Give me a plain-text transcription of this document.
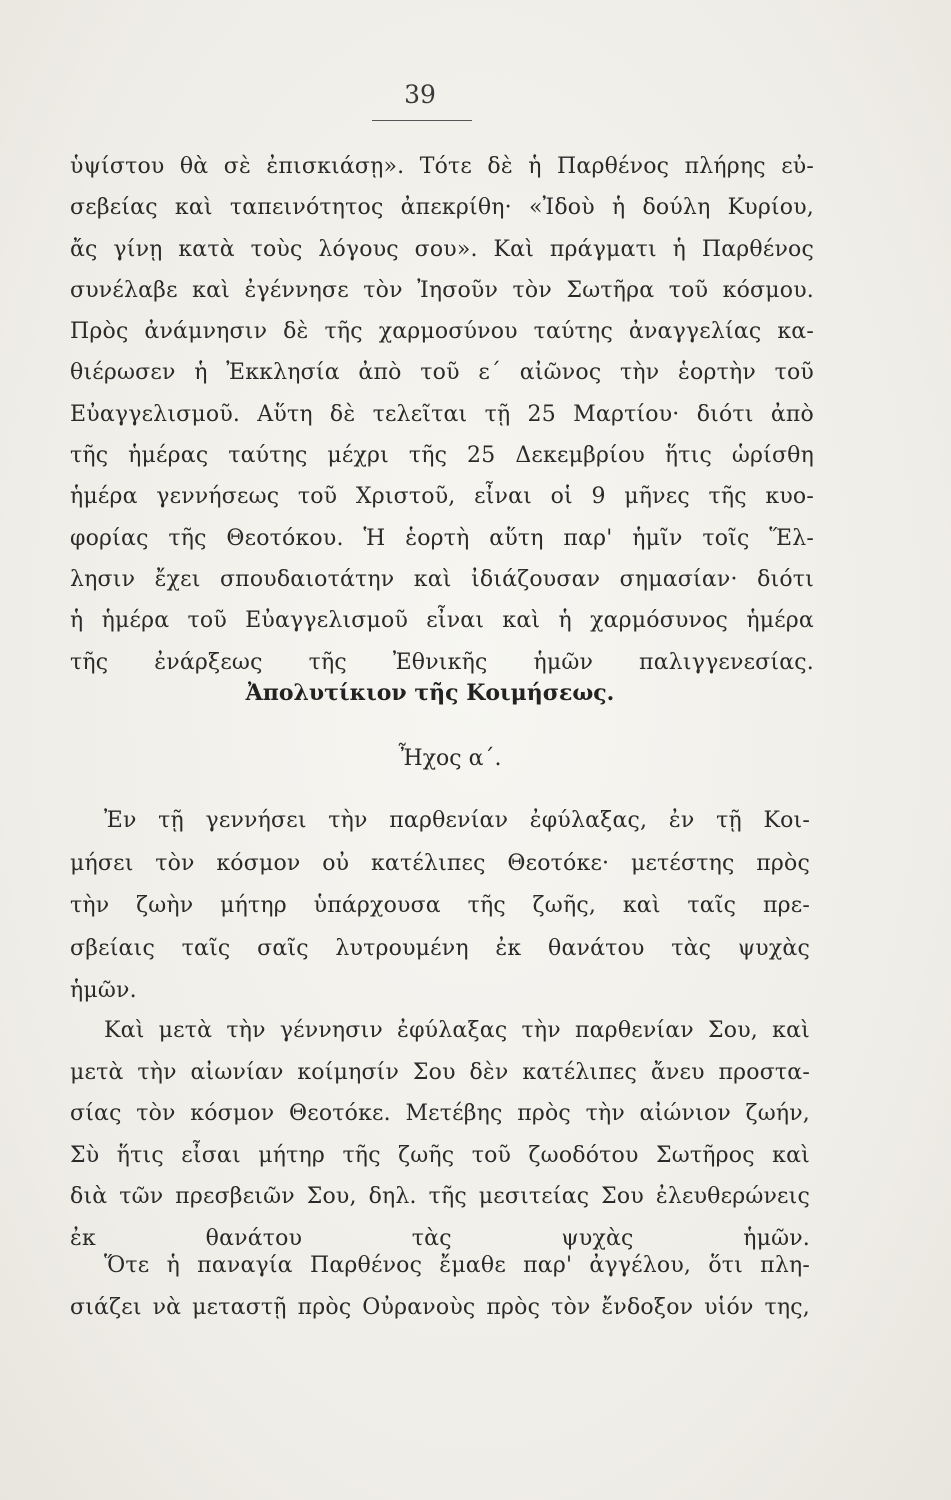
39
ὑψίστου θὰ σὲ ἐπισκιάσῃ». Τότε δὲ ἡ Παρθένος πλήρης εὐ-
σεβείας καὶ ταπεινότητος ἀπεκρίθη· «Ἰδοὺ ἡ δούλη Κυρίου,
ἄς γίνῃ κατὰ τοὺς λόγους σου». Καὶ πράγματι ἡ Παρθένος
συνέλαβε καὶ ἐγέννησε τὸν Ἰησοῦν τὸν Σωτῆρα τοῦ κόσμου.
Πρὸς ἀνάμνησιν δὲ τῆς χαρμοσύνου ταύτης ἀναγγελίας κα-
θιέρωσεν ἡ Ἐκκλησία ἀπὸ τοῦ ε΄ αἰῶνος τὴν ἑορτὴν τοῦ
Εὐαγγελισμοῦ. Αὕτη δὲ τελεῖται τῇ 25 Μαρτίου· διότι ἀπὸ
τῆς ἡμέρας ταύτης μέχρι τῆς 25 Δεκεμβρίου ἥτις ὡρίσθη
ἡμέρα γεννήσεως τοῦ Χριστοῦ, εἶναι οἱ 9 μῆνες τῆς κυο-
φορίας τῆς Θεοτόκου. Ἡ ἑορτὴ αὕτη παρ' ἡμῖν τοῖς Ἕλ-
λησιν ἔχει σπουδαιοτάτην καὶ ἰδιάζουσαν σημασίαν· διότι
ἡ ἡμέρα τοῦ Εὐαγγελισμοῦ εἶναι καὶ ἡ χαρμόσυνος ἡμέρα
τῆς ἐνάρξεως τῆς Ἐθνικῆς ἡμῶν παλιγγενεσίας.
Ἀπολυτίκιον τῆς Κοιμήσεως.
Ἦχος α΄.
Ἐν τῇ γεννήσει τὴν παρθενίαν ἐφύλαξας, ἐν τῇ Κοι-
μήσει τὸν κόσμον οὐ κατέλιπες Θεοτόκε· μετέστης πρὸς
τὴν ζωὴν μήτηρ ὑπάρχουσα τῆς ζωῆς, καὶ ταῖς πρε-
σβείαις ταῖς σαῖς λυτρουμένη ἐκ θανάτου τὰς ψυχὰς
ἡμῶν.
Καὶ μετὰ τὴν γέννησιν ἐφύλαξας τὴν παρθενίαν Σου, καὶ
μετὰ τὴν αἰωνίαν κοίμησίν Σου δὲν κατέλιπες ἄνευ προστα-
σίας τὸν κόσμον Θεοτόκε. Μετέβης πρὸς τὴν αἰώνιον ζωήν,
Σὺ ἥτις εἶσαι μήτηρ τῆς ζωῆς τοῦ ζωοδότου Σωτῆρος καὶ
διὰ τῶν πρεσβειῶν Σου, δηλ. τῆς μεσιτείας Σου ἐλευθερώνεις
ἐκ θανάτου τὰς ψυχὰς ἡμῶν.
Ὅτε ἡ παναγία Παρθένος ἔμαθε παρ' ἀγγέλου, ὅτι πλη-
σιάζει νὰ μεταστῇ πρὸς Οὐρανοὺς πρὸς τὸν ἔνδοξον υἱόν της,
